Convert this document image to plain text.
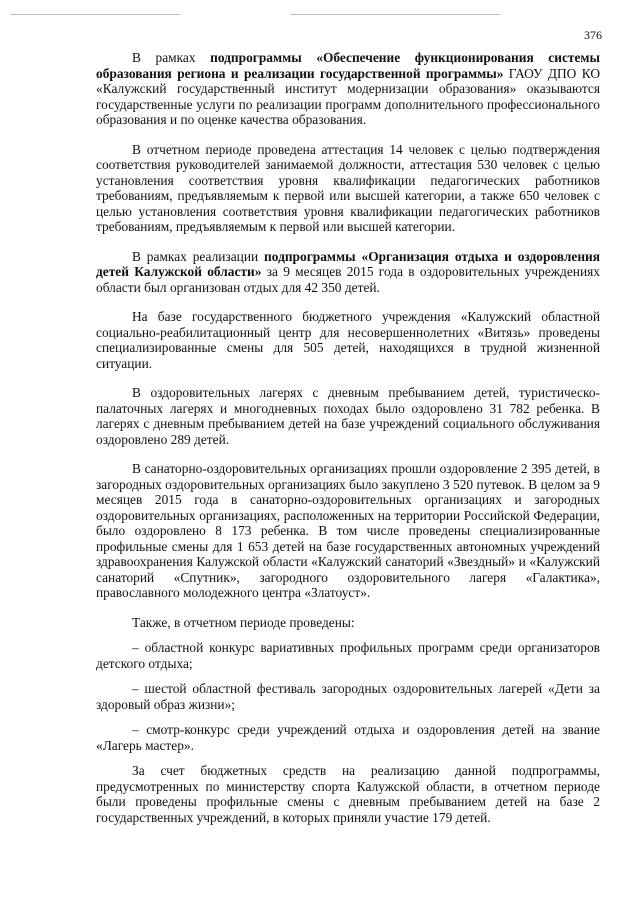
376

В рамках подпрограммы «Обеспечение функционирования системы образования региона и реализации государственной программы» ГАОУ ДПО КО «Калужский государственный институт модернизации образования» оказываются государственные услуги по реализации программ дополнительного профессионального образования и по оценке качества образования.

В отчетном периоде проведена аттестация 14 человек с целью подтверждения соответствия руководителей занимаемой должности, аттестация 530 человек с целью установления соответствия уровня квалификации педагогических работников требованиям, предъявляемым к первой или высшей категории, а также 650 человек с целью установления соответствия уровня квалификации педагогических работников требованиям, предъявляемым к первой или высшей категории.

В рамках реализации подпрограммы «Организация отдыха и оздоровления детей Калужской области» за 9 месяцев 2015 года в оздоровительных учреждениях области был организован отдых для 42 350 детей.

На базе государственного бюджетного учреждения «Калужский областной социально-реабилитационный центр для несовершеннолетних «Витязь» проведены специализированные смены для 505 детей, находящихся в трудной жизненной ситуации.

В оздоровительных лагерях с дневным пребыванием детей, туристическо-палаточных лагерях и многодневных походах было оздоровлено 31 782 ребенка. В лагерях с дневным пребыванием детей на базе учреждений социального обслуживания оздоровлено 289 детей.

В санаторно-оздоровительных организациях прошли оздоровление 2 395 детей, в загородных оздоровительных организациях было закуплено 3 520 путевок. В целом за 9 месяцев 2015 года в санаторно-оздоровительных организациях и загородных оздоровительных организациях, расположенных на территории Российской Федерации, было оздоровлено 8 173 ребенка. В том числе проведены специализированные профильные смены для 1 653 детей на базе государственных автономных учреждений здравоохранения Калужской области «Калужский санаторий «Звездный» и «Калужский санаторий «Спутник», загородного оздоровительного лагеря «Галактика», православного молодежного центра «Златоуст».

Также, в отчетном периоде проведены:

– областной конкурс вариативных профильных программ среди организаторов детского отдыха;

– шестой областной фестиваль загородных оздоровительных лагерей «Дети за здоровый образ жизни»;

– смотр-конкурс среди учреждений отдыха и оздоровления детей на звание «Лагерь мастер».

За счет бюджетных средств на реализацию данной подпрограммы, предусмотренных по министерству спорта Калужской области, в отчетном периоде были проведены профильные смены с дневным пребыванием детей на базе 2 государственных учреждений, в которых приняли участие 179 детей.
